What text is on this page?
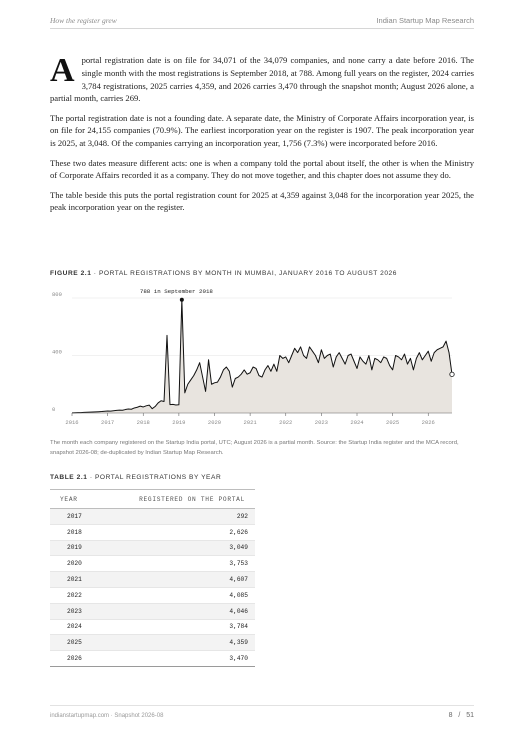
How the register grew	Indian Startup Map Research

Aportal registration date is on file for 34,071 of the 34,079 companies, and none carry a date before 2016. The single month with the most registrations is September 2018, at 788. Among full years on the register, 2024 carries 3,784 registrations, 2025 carries 4,359, and 2026 carries 3,470 through the snapshot month; August 2026 alone, a partial month, carries 269.

The portal registration date is not a founding date. A separate date, the Ministry of Corporate Affairs incorporation year, is on file for 24,155 companies (70.9%). The earliest incorporation year on the register is 1907. The peak incorporation year is 2025, at 3,048. Of the companies carrying an incorporation year, 1,756 (7.3%) were incorporated before 2016.

These two dates measure different acts: one is when a company told the portal about itself, the other is when the Ministry of Corporate Affairs recorded it as a company. They do not move together, and this chapter does not assume they do.

The table beside this puts the portal registration count for 2025 at 4,359 against 3,048 for the incorporation year 2025, the peak incorporation year on the register.

FIGURE 2.1 · PORTAL REGISTRATIONS BY MONTH IN MUMBAI, JANUARY 2016 TO AUGUST 2026
0
400
800
2016	2017	2018	2019	2020	2021	2022	2023	2024	2025	2026
788 in September 2018
The month each company registered on the Startup India portal, UTC; August 2026 is a partial month. Source: the Startup India register and the MCA record, snapshot 2026-08; de-duplicated by Indian Startup Map Research.
TABLE 2.1 · PORTAL REGISTRATIONS BY YEAR
YEAR	REGISTERED ON THE PORTAL
2017	292
2018	2,626
2019	3,049
2020	3,753
2021	4,607
2022	4,085
2023	4,046
2024	3,784
2025	4,359
2026	3,470
indianstartupmap.com · Snapshot 2026-08	8 / 51
